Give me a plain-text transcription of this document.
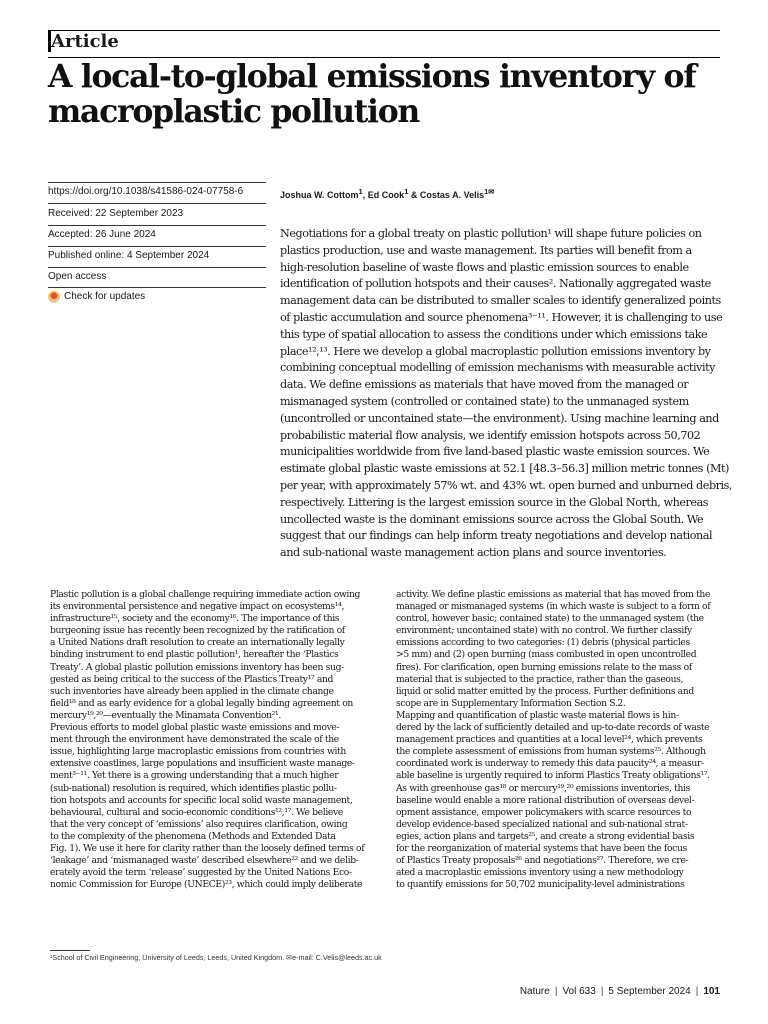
Article
A local-to-global emissions inventory of
macroplastic pollution
https://doi.org/10.1038/s41586-024-07758-6
Received: 22 September 2023
Accepted: 26 June 2024
Published online: 4 September 2024
Open access
Check for updates
Joshua W. Cottom$^1$, Ed Cook$^1$ & Costas A. Velis$^{1✉}$
Negotiations for a global treaty on plastic pollution¹ will shape future policies on
plastics production, use and waste management. Its parties will benefit from a
high-resolution baseline of waste flows and plastic emission sources to enable
identification of pollution hotspots and their causes². Nationally aggregated waste
management data can be distributed to smaller scales to identify generalized points
of plastic accumulation and source phenomena³⁻¹¹. However, it is challenging to use
this type of spatial allocation to assess the conditions under which emissions take
place¹²,¹³. Here we develop a global macroplastic pollution emissions inventory by
combining conceptual modelling of emission mechanisms with measurable activity
data. We define emissions as materials that have moved from the managed or
mismanaged system (controlled or contained state) to the unmanaged system
(uncontrolled or uncontained state—the environment). Using machine learning and
probabilistic material flow analysis, we identify emission hotspots across 50,702
municipalities worldwide from five land-based plastic waste emission sources. We
estimate global plastic waste emissions at 52.1 [48.3–56.3] million metric tonnes (Mt)
per year, with approximately 57% wt. and 43% wt. open burned and unburned debris,
respectively. Littering is the largest emission source in the Global North, whereas
uncollected waste is the dominant emissions source across the Global South. We
suggest that our findings can help inform treaty negotiations and develop national
and sub-national waste management action plans and source inventories.
Plastic pollution is a global challenge requiring immediate action owing
its environmental persistence and negative impact on ecosystems¹⁴,
infrastructure¹⁵, society and the economy¹⁶. The importance of this
burgeoning issue has recently been recognized by the ratification of
a United Nations draft resolution to create an internationally legally
binding instrument to end plastic pollution¹, hereafter the ‘Plastics
Treaty’. A global plastic pollution emissions inventory has been sug-
gested as being critical to the success of the Plastics Treaty¹⁷ and
such inventories have already been applied in the climate change
field¹⁸ and as early evidence for a global legally binding agreement on
mercury¹⁹,²⁰—eventually the Minamata Convention²¹.
Previous efforts to model global plastic waste emissions and move-
ment through the environment have demonstrated the scale of the
issue, highlighting large macroplastic emissions from countries with
extensive coastlines, large populations and insufficient waste manage-
ment³⁻¹¹. Yet there is a growing understanding that a much higher
(sub-national) resolution is required, which identifies plastic pollu-
tion hotspots and accounts for specific local solid waste management,
behavioural, cultural and socio-economic conditions¹²,¹⁷. We believe
that the very concept of ‘emissions’ also requires clarification, owing
to the complexity of the phenomena (Methods and Extended Data
Fig. 1). We use it here for clarity rather than the loosely defined terms of
‘leakage’ and ‘mismanaged waste’ described elsewhere²² and we delib-
erately avoid the term ‘release’ suggested by the United Nations Eco-
nomic Commission for Europe (UNECE)²³, which could imply deliberate
activity. We define plastic emissions as material that has moved from the
managed or mismanaged systems (in which waste is subject to a form of
control, however basic; contained state) to the unmanaged system (the
environment; uncontained state) with no control. We further classify
emissions according to two categories: (1) debris (physical particles
>5 mm) and (2) open burning (mass combusted in open uncontrolled
fires). For clarification, open burning emissions relate to the mass of
material that is subjected to the practice, rather than the gaseous,
liquid or solid matter emitted by the process. Further definitions and
scope are in Supplementary Information Section S.2.
Mapping and quantification of plastic waste material flows is hin-
dered by the lack of sufficiently detailed and up-to-date records of waste
management practices and quantities at a local level²⁴, which prevents
the complete assessment of emissions from human systems²⁵. Although
coordinated work is underway to remedy this data paucity²⁴, a measur-
able baseline is urgently required to inform Plastics Treaty obligations¹⁷.
As with greenhouse gas¹⁸ or mercury¹⁹,²⁰ emissions inventories, this
baseline would enable a more rational distribution of overseas devel-
opment assistance, empower policymakers with scarce resources to
develop evidence-based specialized national and sub-national strat-
egies, action plans and targets²⁵, and create a strong evidential basis
for the reorganization of material systems that have been the focus
of Plastics Treaty proposals²⁶ and negotiations²⁷. Therefore, we cre-
ated a macroplastic emissions inventory using a new methodology
to quantify emissions for 50,702 municipality-level administrations
¹School of Civil Engineering, University of Leeds, Leeds, United Kingdom. ✉e-mail: C.Velis@leeds.ac.uk
Nature | Vol 633 | 5 September 2024 | 101
